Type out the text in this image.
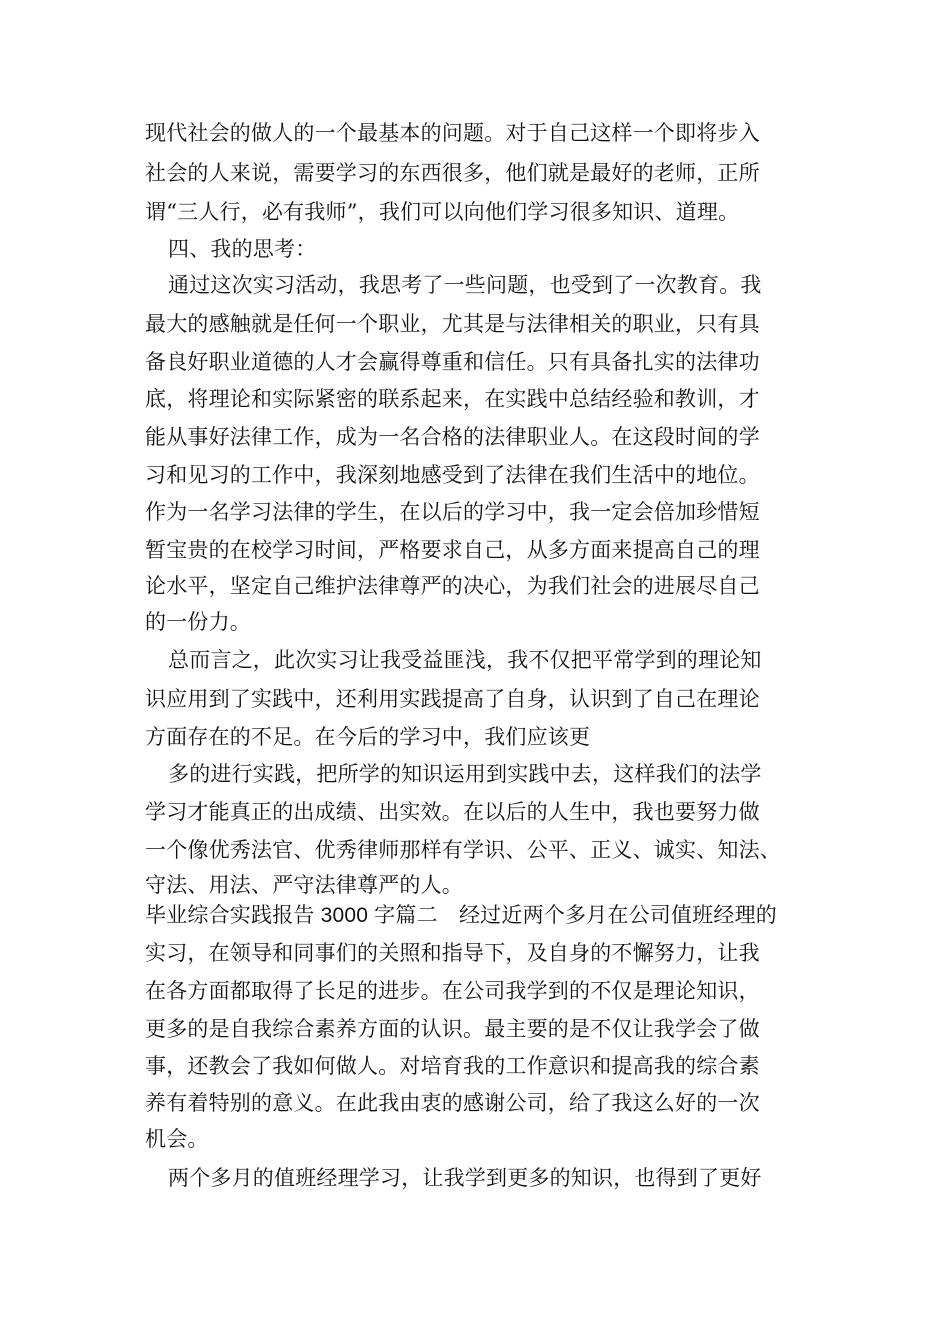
现代社会的做人的一个最基本的问题。对于自己这样一个即将步入
社会的人来说，需要学习的东西很多，他们就是最好的老师，正所
谓“三人行，必有我师”，我们可以向他们学习很多知识、道理。
四、我的思考：
通过这次实习活动，我思考了一些问题，也受到了一次教育。我
最大的感触就是任何一个职业，尤其是与法律相关的职业，只有具
备良好职业道德的人才会赢得尊重和信任。只有具备扎实的法律功
底，将理论和实际紧密的联系起来，在实践中总结经验和教训，才
能从事好法律工作，成为一名合格的法律职业人。在这段时间的学
习和见习的工作中，我深刻地感受到了法律在我们生活中的地位。
作为一名学习法律的学生，在以后的学习中，我一定会倍加珍惜短
暂宝贵的在校学习时间，严格要求自己，从多方面来提高自己的理
论水平，坚定自己维护法律尊严的决心，为我们社会的进展尽自己
的一份力。
总而言之，此次实习让我受益匪浅，我不仅把平常学到的理论知
识应用到了实践中，还利用实践提高了自身，认识到了自己在理论
方面存在的不足。在今后的学习中，我们应该更
多的进行实践，把所学的知识运用到实践中去，这样我们的法学
学习才能真正的出成绩、出实效。在以后的人生中，我也要努力做
一个像优秀法官、优秀律师那样有学识、公平、正义、诚实、知法、
守法、用法、严守法律尊严的人。
毕业综合实践报告 3000 字篇二　经过近两个多月在公司值班经理的
实习，在领导和同事们的关照和指导下，及自身的不懈努力，让我
在各方面都取得了长足的进步。在公司我学到的不仅是理论知识，
更多的是自我综合素养方面的认识。最主要的是不仅让我学会了做
事，还教会了我如何做人。对培育我的工作意识和提高我的综合素
养有着特别的意义。在此我由衷的感谢公司，给了我这么好的一次
机会。
两个多月的值班经理学习，让我学到更多的知识，也得到了更好
